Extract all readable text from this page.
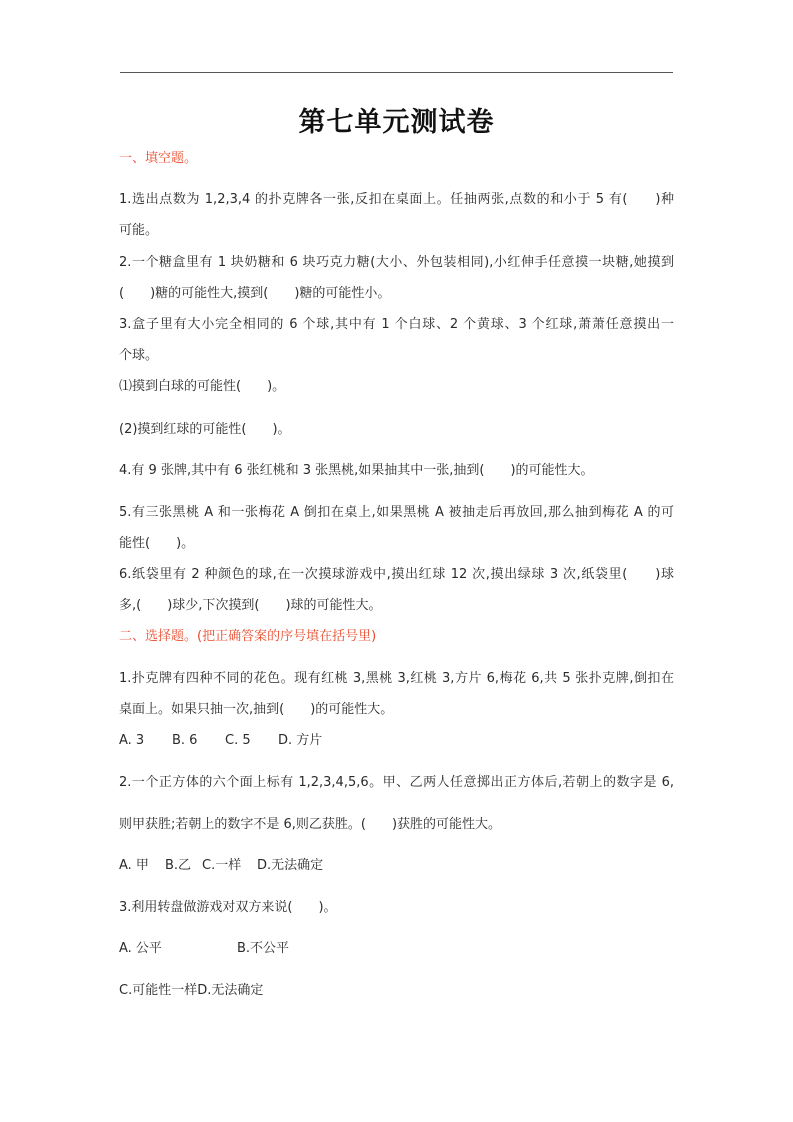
第七单元测试卷
一、填空题。
1.选出点数为 1,2,3,4 的扑克牌各一张,反扣在桌面上。任抽两张,点数的和小于 5 有(　　)种
可能。
2.一个糖盒里有 1 块奶糖和 6 块巧克力糖(大小、外包装相同),小红伸手任意摸一块糖,她摸到
(　　)糖的可能性大,摸到(　　)糖的可能性小。
3.盒子里有大小完全相同的 6 个球,其中有 1 个白球、2 个黄球、3 个红球,萧萧任意摸出一
个球。
⑴摸到白球的可能性(　　)。
(2)摸到红球的可能性(　　)。
4.有 9 张牌,其中有 6 张红桃和 3 张黑桃,如果抽其中一张,抽到(　　)的可能性大。
5.有三张黑桃 A 和一张梅花 A 倒扣在桌上,如果黑桃 A 被抽走后再放回,那么抽到梅花 A 的可
能性(　　)。
6.纸袋里有 2 种颜色的球,在一次摸球游戏中,摸出红球 12 次,摸出绿球 3 次,纸袋里(　　)球
多,(　　)球少,下次摸到(　　)球的可能性大。
二、选择题。(把正确答案的序号填在括号里)
1.扑克牌有四种不同的花色。现有红桃 3,黑桃 3,红桃 3,方片 6,梅花 6,共 5 张扑克牌,倒扣在
桌面上。如果只抽一次,抽到(　　)的可能性大。
A. 3 B. 6 C. 5 D. 方片
2.一个正方体的六个面上标有 1,2,3,4,5,6。甲、乙两人任意掷出正方体后,若朝上的数字是 6,
则甲获胜;若朝上的数字不是 6,则乙获胜。(　　)获胜的可能性大。
A. 甲 B.乙 C.一样 D.无法确定
3.利用转盘做游戏对双方来说(　　)。
A. 公平	B.不公平
C.可能性一样D.无法确定
